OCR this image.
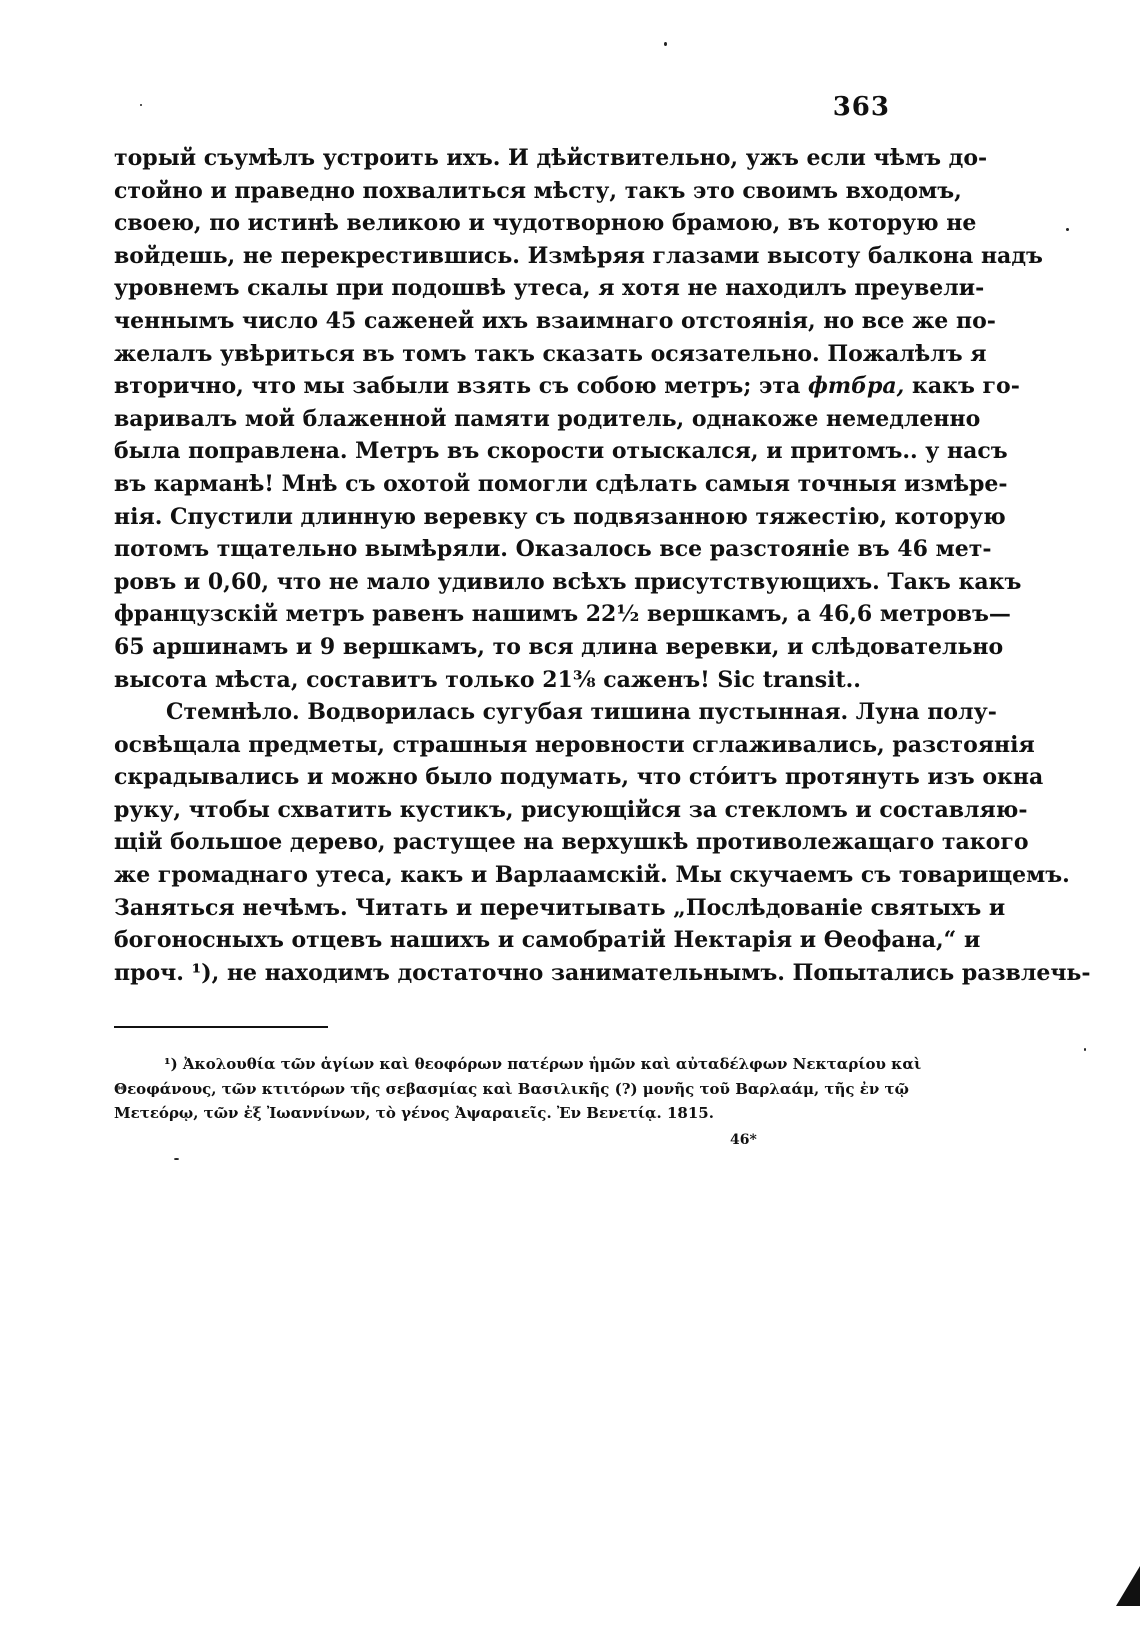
363
торый съумѣлъ устроить ихъ. И дѣйствительно, ужъ если чѣмъ до-
стойно и праведно похвалиться мѣсту, такъ это своимъ входомъ,
своею, по истинѣ великою и чудотворною брамою, въ которую не
войдешь, не перекрестившись. Измѣряя глазами высоту балкона надъ
уровнемъ скалы при подошвѣ утеса, я хотя не находилъ преувели-
ченнымъ число 45 саженей ихъ взаимнаго отстоянія, но все же по-
желалъ увѣриться въ томъ такъ сказать осязательно. Пожалѣлъ я
вторично, что мы забыли взять съ собою метръ; эта фтбра, какъ го-
варивалъ мой блаженной памяти родитель, однакоже немедленно
была поправлена. Метръ въ скорости отыскался, и притомъ.. у насъ
въ карманѣ! Мнѣ съ охотой помогли сдѣлать самыя точныя измѣре-
нія. Спустили длинную веревку съ подвязанною тяжестію, которую
потомъ тщательно вымѣряли. Оказалось все разстояніе въ 46 мет-
ровъ и 0,60, что не мало удивило всѣхъ присутствующихъ. Такъ какъ
французскій метръ равенъ нашимъ 22½ вершкамъ, а 46,6 метровъ—
65 аршинамъ и 9 вершкамъ, то вся длина веревки, и слѣдовательно
высота мѣста, составитъ только 21⅜ саженъ! Sic transit..
Стемнѣло. Водворилась сугубая тишина пустынная. Луна полу-
освѣщала предметы, страшныя неровности сглаживались, разстоянія
скрадывались и можно было подумать, что стóитъ протянуть изъ окна
руку, чтобы схватить кустикъ, рисующійся за стекломъ и составляю-
щій большое дерево, растущее на верхушкѣ противолежащаго такого
же громаднаго утеса, какъ и Варлаамскій. Мы скучаемъ съ товарищемъ.
Заняться нечѣмъ. Читать и перечитывать „Послѣдованіе святыхъ и
богоносныхъ отцевъ нашихъ и самобратій Нектарія и Өеофана,“ и
проч. ¹), не находимъ достаточно занимательнымъ. Попытались развлечь-
¹) Ἀκολουθία τῶν ἁγίων καὶ θεοφόρων πατέρων ἡμῶν καὶ αὐταδέλφων Νεκταρίου καὶ
Θεοφάνους, τῶν κτιτόρων τῆς σεβασμίας καὶ Βασιλικῆς (?) μονῆς τοῦ Βαρλαάμ, τῆς ἐν τῷ
Μετεόρῳ, τῶν ἐξ Ἰωαννίνων, τὸ γένος Ἀψαραιεῖς. Ἐν Βενετίᾳ. 1815.
46*
